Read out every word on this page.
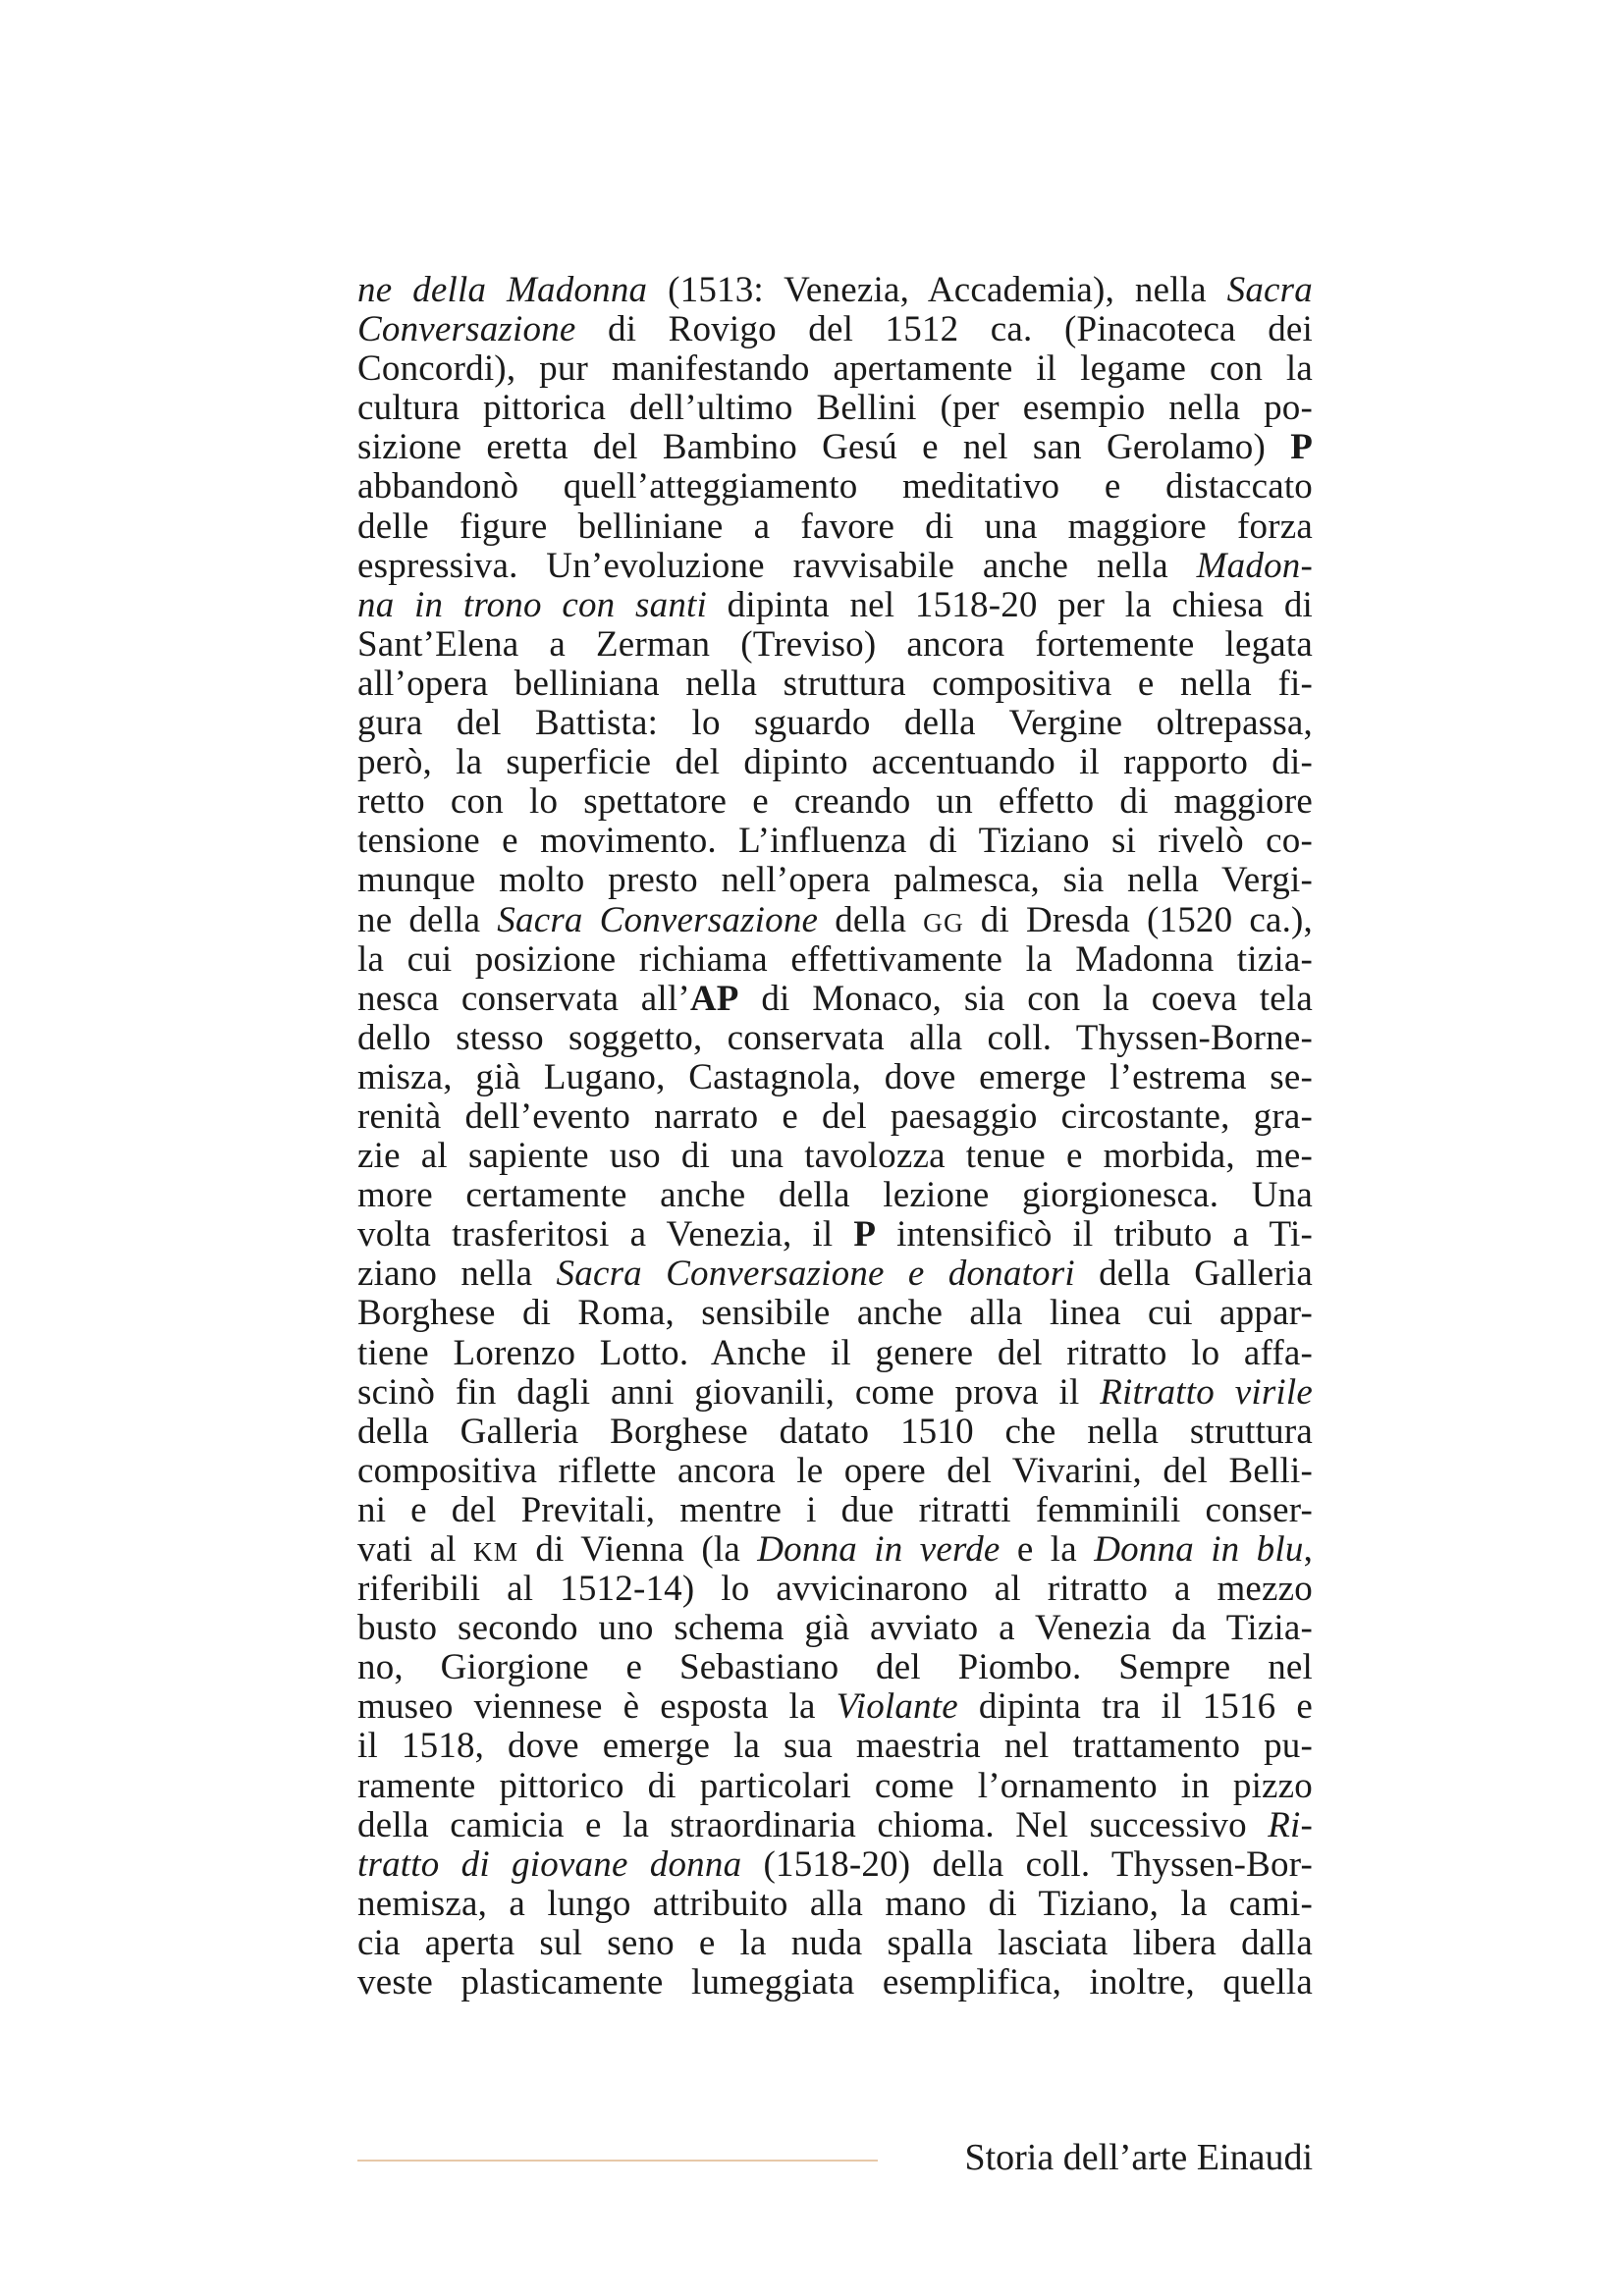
ne della Madonna (1513: Venezia, Accademia), nella Sacra
Conversazione di Rovigo del 1512 ca. (Pinacoteca dei
Concordi), pur manifestando apertamente il legame con la
cultura pittorica dell’ultimo Bellini (per esempio nella po-
sizione eretta del Bambino Gesú e nel san Gerolamo) P
abbandonò quell’atteggiamento meditativo e distaccato
delle figure belliniane a favore di una maggiore forza
espressiva. Un’evoluzione ravvisabile anche nella Madon-
na in trono con santi dipinta nel 1518-20 per la chiesa di
Sant’Elena a Zerman (Treviso) ancora fortemente legata
all’opera belliniana nella struttura compositiva e nella fi-
gura del Battista: lo sguardo della Vergine oltrepassa,
però, la superficie del dipinto accentuando il rapporto di-
retto con lo spettatore e creando un effetto di maggiore
tensione e movimento. L’influenza di Tiziano si rivelò co-
munque molto presto nell’opera palmesca, sia nella Vergi-
ne della Sacra Conversazione della GG di Dresda (1520 ca.),
la cui posizione richiama effettivamente la Madonna tizia-
nesca conservata all’AP di Monaco, sia con la coeva tela
dello stesso soggetto, conservata alla coll. Thyssen-Borne-
misza, già Lugano, Castagnola, dove emerge l’estrema se-
renità dell’evento narrato e del paesaggio circostante, gra-
zie al sapiente uso di una tavolozza tenue e morbida, me-
more certamente anche della lezione giorgionesca. Una
volta trasferitosi a Venezia, il P intensificò il tributo a Ti-
ziano nella Sacra Conversazione e donatori della Galleria
Borghese di Roma, sensibile anche alla linea cui appar-
tiene Lorenzo Lotto. Anche il genere del ritratto lo affa-
scinò fin dagli anni giovanili, come prova il Ritratto virile
della Galleria Borghese datato 1510 che nella struttura
compositiva riflette ancora le opere del Vivarini, del Belli-
ni e del Previtali, mentre i due ritratti femminili conser-
vati al KM di Vienna (la Donna in verde e la Donna in blu,
riferibili al 1512-14) lo avvicinarono al ritratto a mezzo
busto secondo uno schema già avviato a Venezia da Tizia-
no, Giorgione e Sebastiano del Piombo. Sempre nel
museo viennese è esposta la Violante dipinta tra il 1516 e
il 1518, dove emerge la sua maestria nel trattamento pu-
ramente pittorico di particolari come l’ornamento in pizzo
della camicia e la straordinaria chioma. Nel successivo Ri-
tratto di giovane donna (1518-20) della coll. Thyssen-Bor-
nemisza, a lungo attribuito alla mano di Tiziano, la cami-
cia aperta sul seno e la nuda spalla lasciata libera dalla
veste plasticamente lumeggiata esemplifica, inoltre, quella
Storia dell’arte Einaudi
